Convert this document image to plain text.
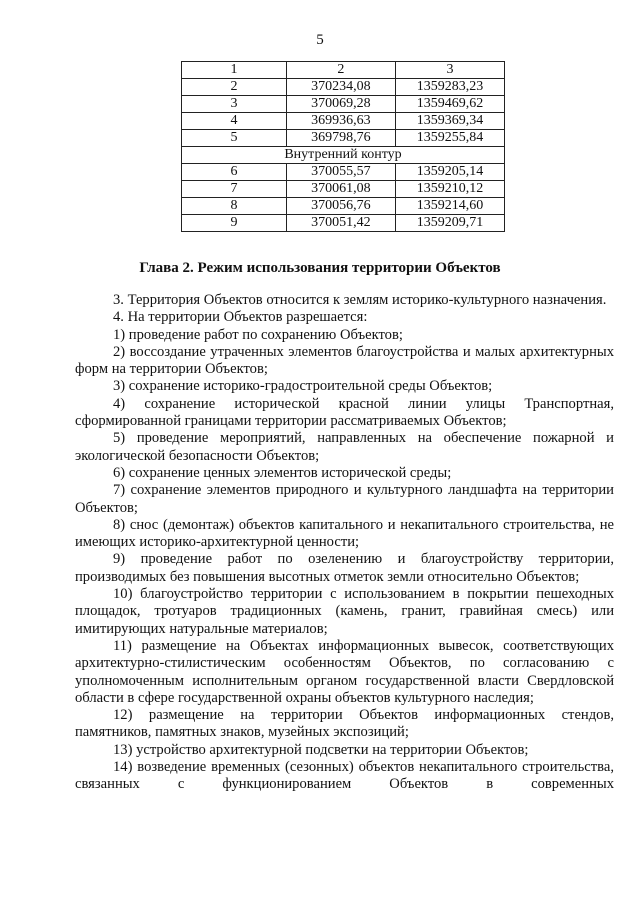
5
1	2	3
2	370234,08	1359283,23
3	370069,28	1359469,62
4	369936,63	1359369,34
5	369798,76	1359255,84
Внутренний контур		
6	370055,57	1359205,14
7	370061,08	1359210,12
8	370056,76	1359214,60
9	370051,42	1359209,71
Глава 2. Режим использования территории Объектов

3. Территория Объектов относится к землям историко-культурного назначения.

4. На территории Объектов разрешается:

1) проведение работ по сохранению Объектов;

2) воссоздание утраченных элементов благоустройства и малых архитектурных форм на территории Объектов;

3) сохранение историко-градостроительной среды Объектов;

4) сохранение исторической красной линии улицы Транспортная, сформированной границами территории рассматриваемых Объектов;

5) проведение мероприятий, направленных на обеспечение пожарной и экологической безопасности Объектов;

6) сохранение ценных элементов исторической среды;

7) сохранение элементов природного и культурного ландшафта на территории Объектов;

8) снос (демонтаж) объектов капитального и некапитального строительства, не имеющих историко-архитектурной ценности;

9) проведение работ по озеленению и благоустройству территории, производимых без повышения высотных отметок земли относительно Объектов;

10) благоустройство территории с использованием в покрытии пешеходных площадок, тротуаров традиционных (камень, гранит, гравийная смесь) или имитирующих натуральные материалов;

11) размещение на Объектах информационных вывесок, соответствующих архитектурно-стилистическим особенностям Объектов, по согласованию с уполномоченным исполнительным органом государственной власти Свердловской области в сфере государственной охраны объектов культурного наследия;

12) размещение на территории Объектов информационных стендов, памятников, памятных знаков, музейных экспозиций;

13) устройство архитектурной подсветки на территории Объектов;

14) возведение временных (сезонных) объектов некапитального строительства, связанных с функционированием Объектов в современных
